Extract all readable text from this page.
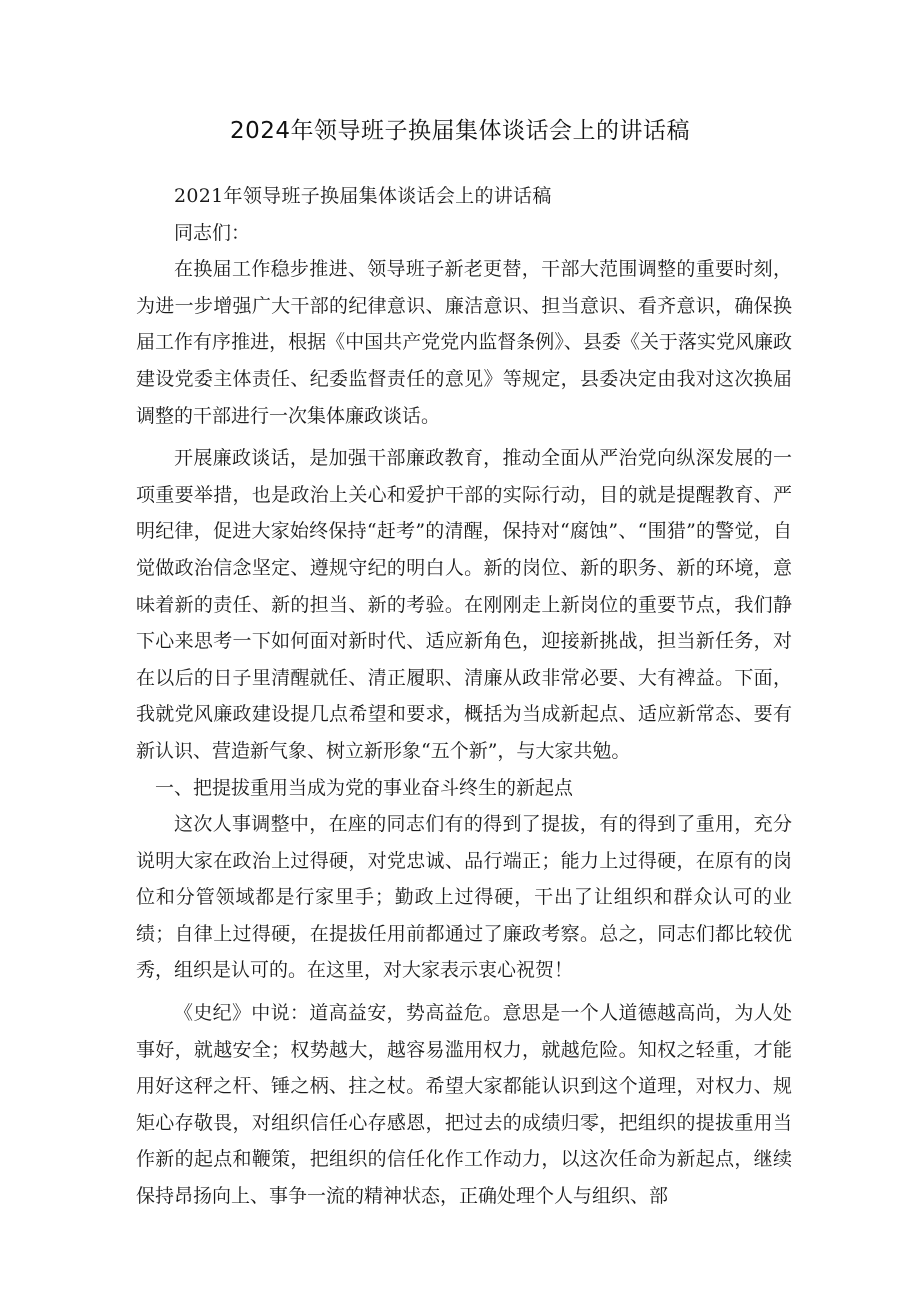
2024年领导班子换届集体谈话会上的讲话稿

2021年领导班子换届集体谈话会上的讲话稿

同志们：

在换届工作稳步推进、领导班子新老更替，干部大范围调整的重要时刻，为进一步增强广大干部的纪律意识、廉洁意识、担当意识、看齐意识，确保换届工作有序推进，根据《中国共产党党内监督条例》、县委《关于落实党风廉政建设党委主体责任、纪委监督责任的意见》等规定，县委决定由我对这次换届调整的干部进行一次集体廉政谈话。

开展廉政谈话，是加强干部廉政教育，推动全面从严治党向纵深发展的一项重要举措，也是政治上关心和爱护干部的实际行动，目的就是提醒教育、严明纪律，促进大家始终保持“赶考”的清醒，保持对“腐蚀”、“围猎”的警觉，自觉做政治信念坚定、遵规守纪的明白人。新的岗位、新的职务、新的环境，意味着新的责任、新的担当、新的考验。在刚刚走上新岗位的重要节点，我们静下心来思考一下如何面对新时代、适应新角色，迎接新挑战，担当新任务，对在以后的日子里清醒就任、清正履职、清廉从政非常必要、大有裨益。下面，我就党风廉政建设提几点希望和要求，概括为当成新起点、适应新常态、要有新认识、营造新气象、树立新形象“五个新”，与大家共勉。

一、把提拔重用当成为党的事业奋斗终生的新起点

这次人事调整中，在座的同志们有的得到了提拔，有的得到了重用，充分说明大家在政治上过得硬，对党忠诚、品行端正；能力上过得硬，在原有的岗位和分管领域都是行家里手；勤政上过得硬，干出了让组织和群众认可的业绩；自律上过得硬，在提拔任用前都通过了廉政考察。总之，同志们都比较优秀，组织是认可的。在这里，对大家表示衷心祝贺！

《史纪》中说：道高益安，势高益危。意思是一个人道德越高尚，为人处事好，就越安全；权势越大，越容易滥用权力，就越危险。知权之轻重，才能用好这秤之杆、锤之柄、拄之杖。希望大家都能认识到这个道理，对权力、规矩心存敬畏，对组织信任心存感恩，把过去的成绩归零，把组织的提拔重用当作新的起点和鞭策，把组织的信任化作工作动力，以这次任命为新起点，继续保持昂扬向上、事争一流的精神状态，正确处理个人与组织、部
